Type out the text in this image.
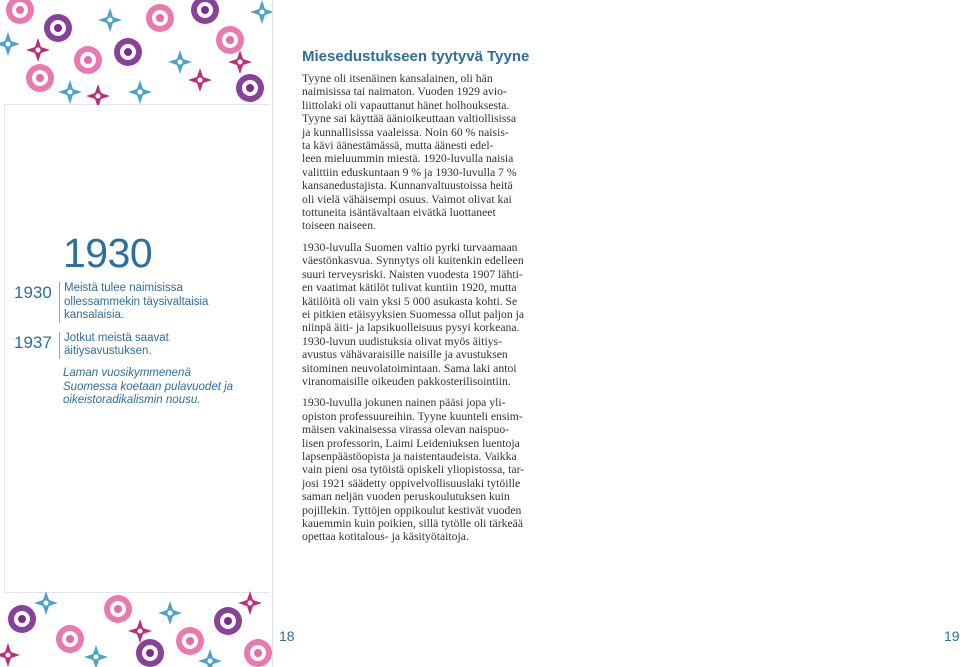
1930
1930	Meistä tulee naimisissa
ollessammekin täysivaltaisia
kansalaisia.
1937	Jotkut meistä saavat
äitiysavustuksen.
Laman vuosikymmenenä
Suomessa koetaan pulavuodet ja
oikeistoradikalismin nousu.
18
Miesedustukseen tyytyvä Tyyne

Tyyne oli itsenäinen kansalainen, oli hän
naimisissa tai naimaton. Vuoden 1929 avio-
liittolaki oli vapauttanut hänet holhouksesta.
Tyyne sai käyttää äänioikeuttaan valtiollisissa
ja kunnallisissa vaaleissa. Noin 60 % naisis-
ta kävi äänestämässä, mutta äänesti edel-
leen mieluummin miestä. 1920-luvulla naisia
valittiin eduskuntaan 9 % ja 1930-luvulla 7 %
kansanedustajista. Kunnanvaltuustoissa heitä
oli vielä vähäisempi osuus. Vaimot olivat kai
tottuneita isäntävaltaan eivätkä luottaneet
toiseen naiseen.

1930-luvulla Suomen valtio pyrki turvaamaan
väestönkasvua. Synnytys oli kuitenkin edelleen
suuri terveysriski. Naisten vuodesta 1907 lähti-
en vaatimat kätilöt tulivat kuntiin 1920, mutta
kätilöitä oli vain yksi 5 000 asukasta kohti. Se
ei pitkien etäisyyksien Suomessa ollut paljon ja
niinpä äiti- ja lapsikuolleisuus pysyi korkeana.
1930-luvun uudistuksia olivat myös äitiys-
avustus vähävaraisille naisille ja avustuksen
sitominen neuvolatoimintaan. Sama laki antoi
viranomaisille oikeuden pakkosterilisointiin.

1930-luvulla jokunen nainen pääsi jopa yli-
opiston professuureihin. Tyyne kuunteli ensim-
mäisen vakinaisessa virassa olevan naispuo-
lisen professorin, Laimi Leideniuksen luentoja
lapsenpäästöopista ja naistentaudeista. Vaikka
vain pieni osa tytöistä opiskeli yliopistossa, tar-
josi 1921 säädetty oppivelvollisuuslaki tytöille
saman neljän vuoden peruskoulutuksen kuin
pojillekin. Tyttöjen oppikoulut kestivät vuoden
kauemmin kuin poikien, sillä tytölle oli tärkeää
opettaa kotitalous- ja käsityötaitoja.

19
